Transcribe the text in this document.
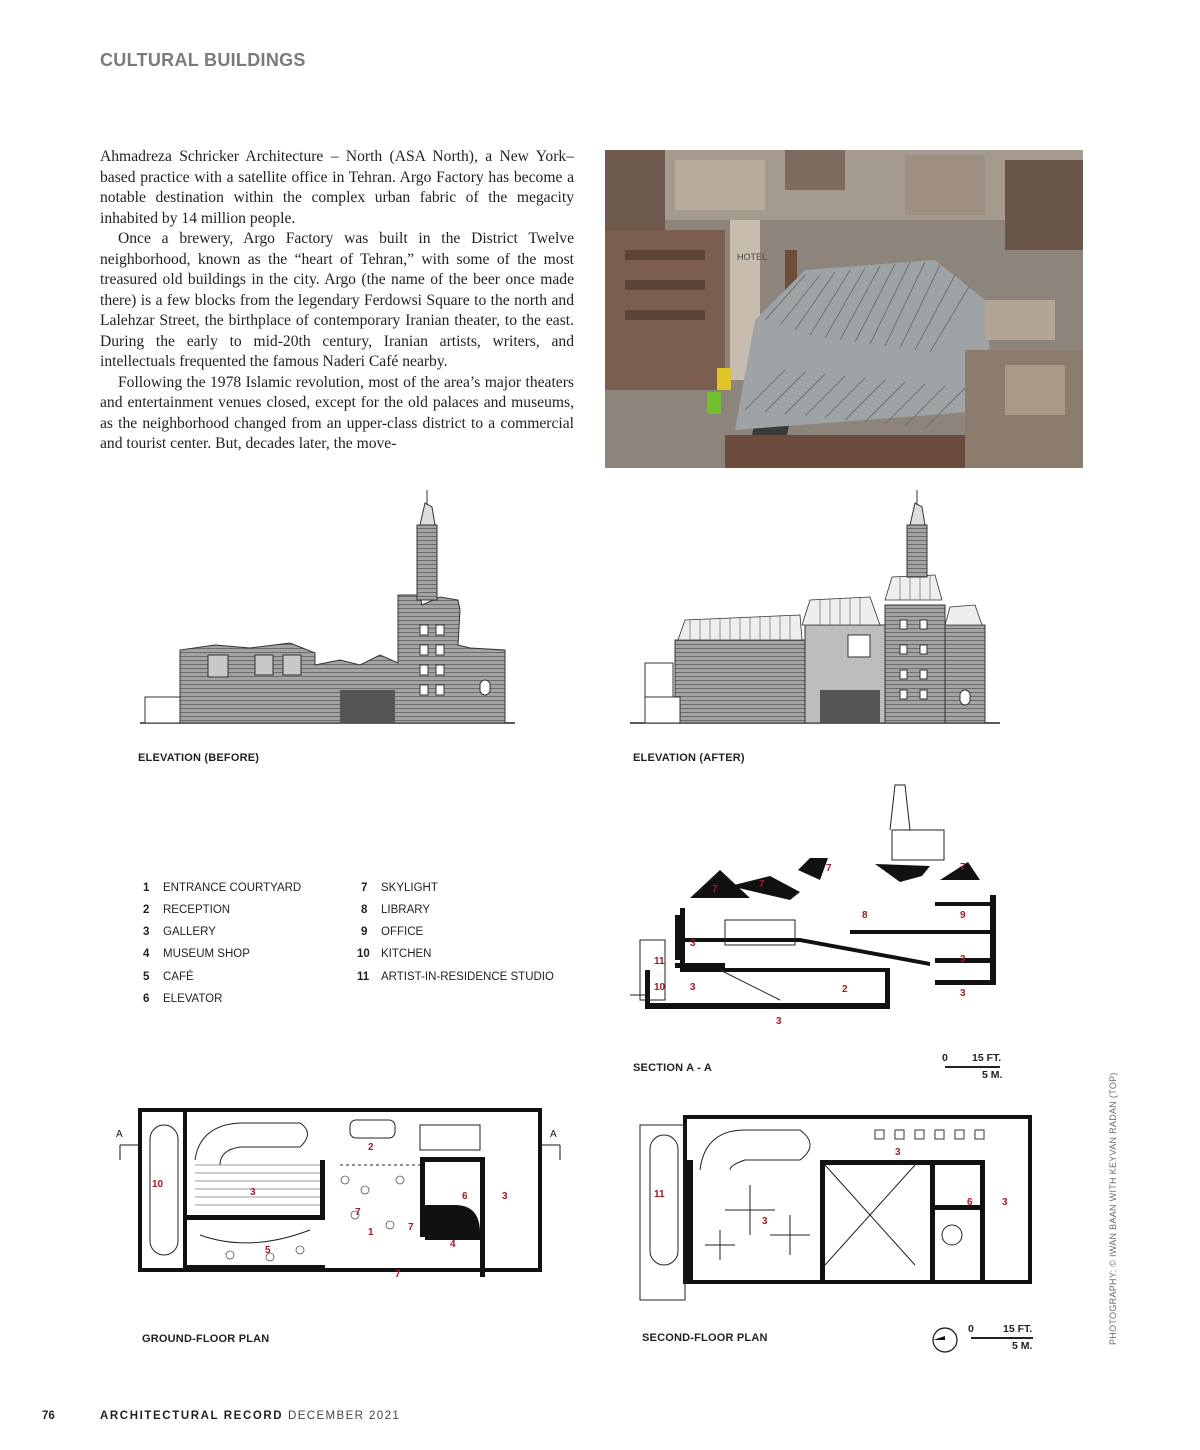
CULTURAL BUILDINGS

Ahmadreza Schricker Architecture – North (ASA North), a New York–based practice with a satellite office in Tehran. Argo Factory has become a notable destination within the complex urban fabric of the megacity inhabited by 14 million people.

Once a brewery, Argo Factory was built in the District Twelve neighborhood, known as the “heart of Tehran,” with some of the most treasured old buildings in the city. Argo (the name of the beer once made there) is a few blocks from the legendary Ferdowsi Square to the north and Lalehzar Street, the birthplace of contemporary Iranian theater, to the east. During the early to mid-20th century, Iranian artists, writers, and intellectuals frequented the famous Naderi Café nearby.

Following the 1978 Islamic revolution, most of the area’s major theaters and entertainment venues closed, except for the old palaces and museums, as the neighborhood changed from an upper-class district to a commercial and tourist center. But, decades later, the move-

HOTEL
ELEVATION (BEFORE)	ELEVATION (AFTER)
1 ENTRANCE COURTYARD
2 RECEPTION
3 GALLERY
4 MUSEUM SHOP
5 CAFÉ
6 ELEVATOR
7 SKYLIGHT
8 LIBRARY
9 OFFICE
10 KITCHEN
11 ARTIST-IN-RESIDENCE STUDIO
7	7
7	7
8	9
3
3
3	2	3
3
11
10
SECTION A - A
0 15 FT.
5 M.
A	A
10
3
2
7
1	7
7
5
4
6	3
GROUND-FLOOR PLAN
11
3
3
6	3
SECOND-FLOOR PLAN
0	15 FT.
5 M.
PHOTOGRAPHY: © IWAN BAAN WITH KEYVAN RADAN (TOP)
76	ARCHITECTURAL RECORD DECEMBER 2021
